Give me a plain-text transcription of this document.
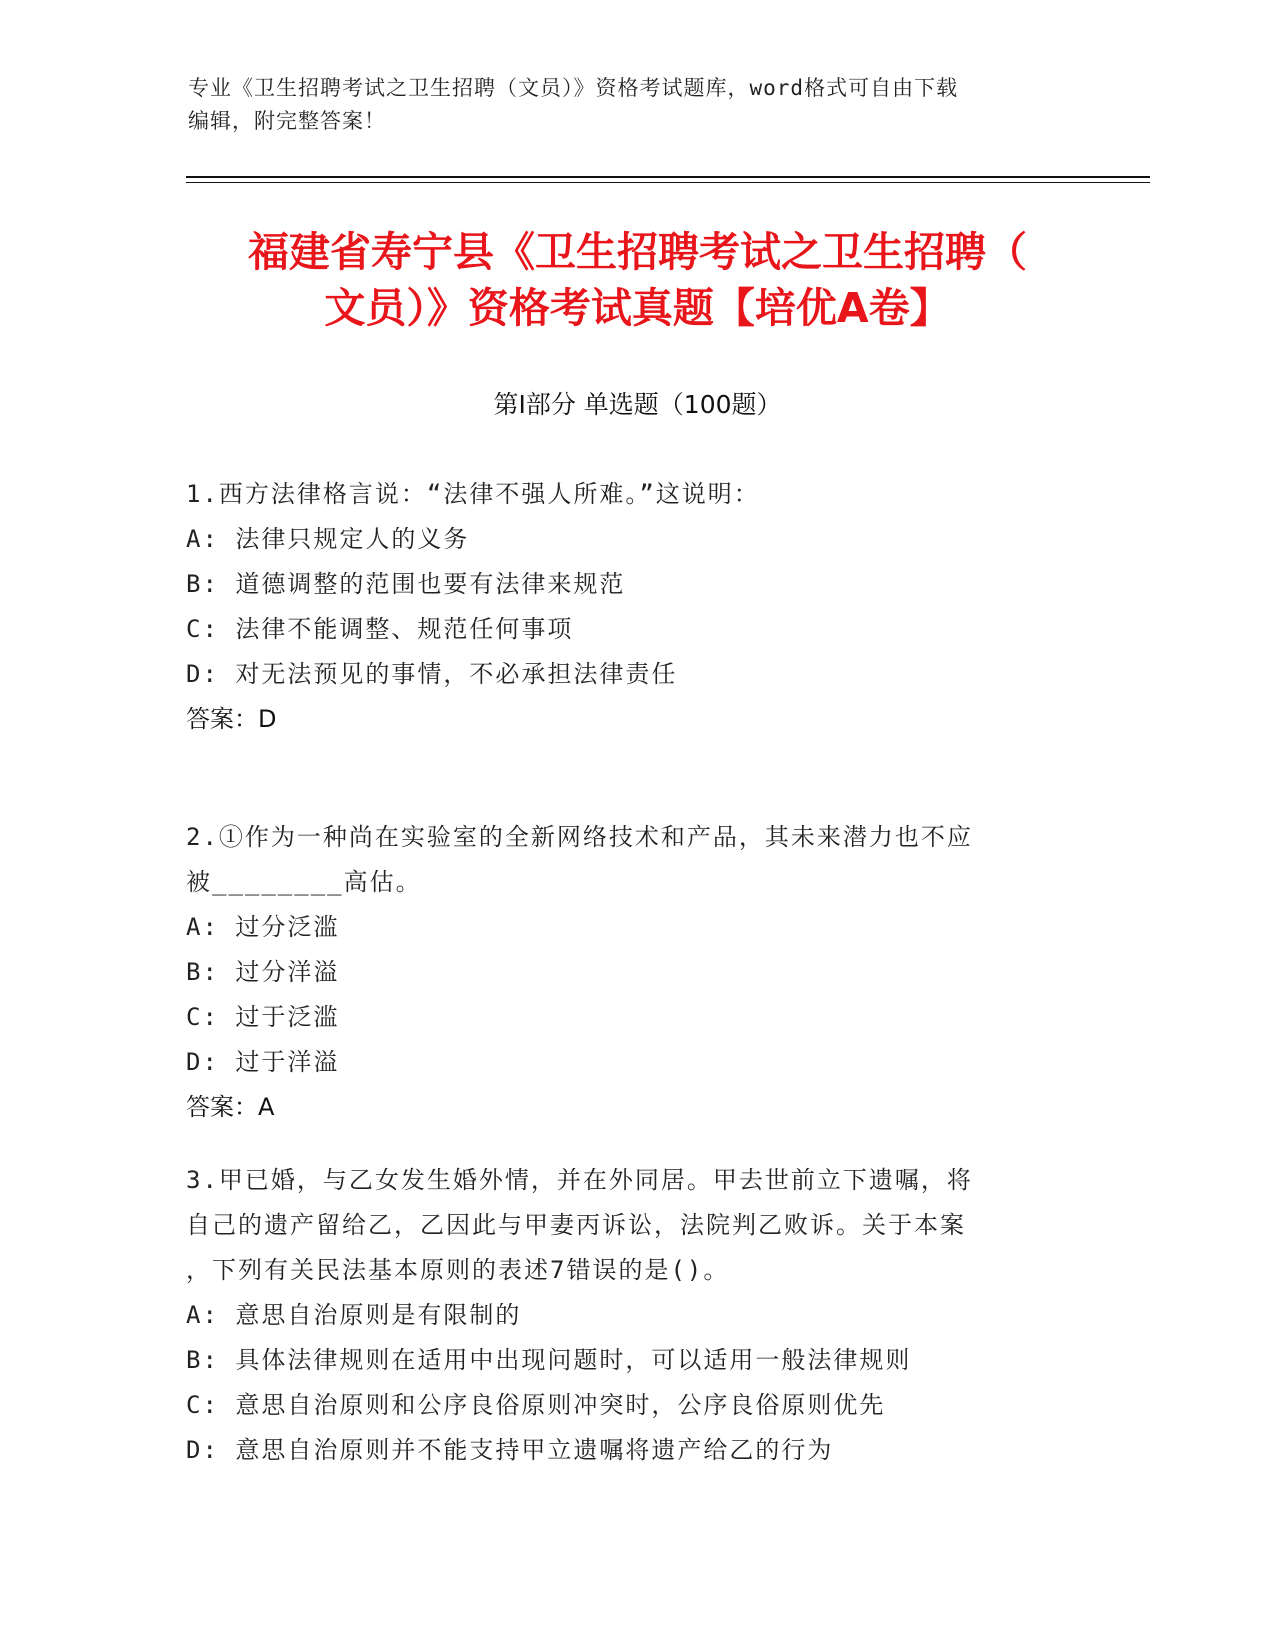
专业《卫生招聘考试之卫生招聘（文员）》资格考试题库，word格式可自由下载
编辑，附完整答案！
福建省寿宁县《卫生招聘考试之卫生招聘（
文员）》资格考试真题【培优A卷】
第Ⅰ部分 单选题（100题）
1.西方法律格言说：“法律不强人所难。”这说明：
A: 法律只规定人的义务
B: 道德调整的范围也要有法律来规范
C: 法律不能调整、规范任何事项
D: 对无法预见的事情，不必承担法律责任
答案：D
2.①作为一种尚在实验室的全新网络技术和产品，其未来潜力也不应
被________高估。
A: 过分泛滥
B: 过分洋溢
C: 过于泛滥
D: 过于洋溢
答案：A
3.甲已婚，与乙女发生婚外情，并在外同居。甲去世前立下遗嘱，将
自己的遗产留给乙，乙因此与甲妻丙诉讼，法院判乙败诉。关于本案
，下列有关民法基本原则的表述7错误的是()。
A: 意思自治原则是有限制的
B: 具体法律规则在适用中出现问题时，可以适用一般法律规则
C: 意思自治原则和公序良俗原则冲突时，公序良俗原则优先
D: 意思自治原则并不能支持甲立遗嘱将遗产给乙的行为
